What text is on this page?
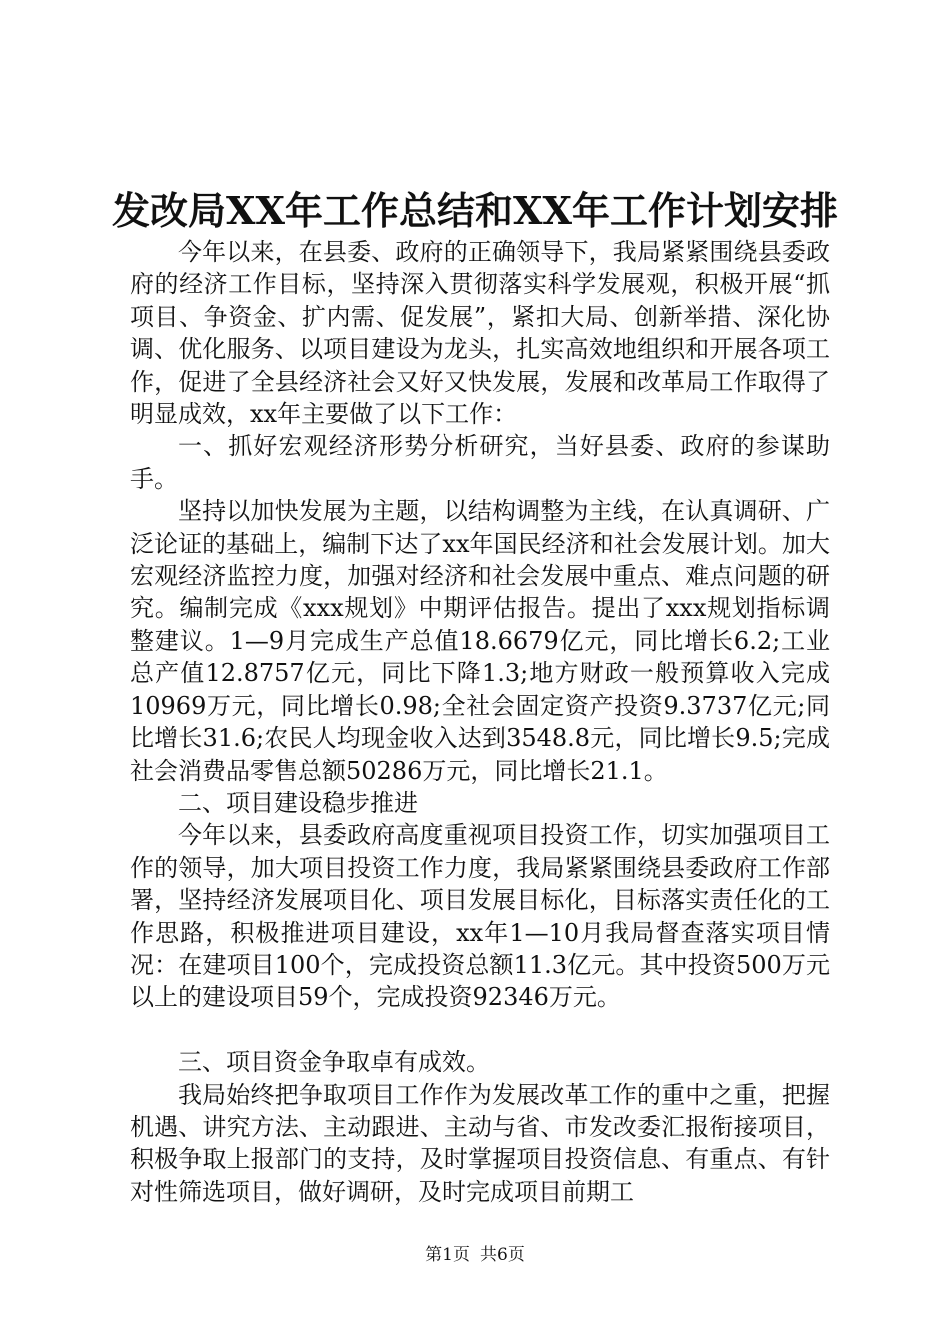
发改局XX年工作总结和XX年工作计划安排

今年以来，在县委、政府的正确领导下，我局紧紧围绕县委政府的经济工作目标，坚持深入贯彻落实科学发展观，积极开展“抓项目、争资金、扩内需、促发展”，紧扣大局、创新举措、深化协调、优化服务、以项目建设为龙头，扎实高效地组织和开展各项工作，促进了全县经济社会又好又快发展，发展和改革局工作取得了明显成效，xx年主要做了以下工作：

一、抓好宏观经济形势分析研究，当好县委、政府的参谋助手。

坚持以加快发展为主题，以结构调整为主线，在认真调研、广泛论证的基础上，编制下达了xx年国民经济和社会发展计划。加大宏观经济监控力度，加强对经济和社会发展中重点、难点问题的研究。编制完成《xxx规划》中期评估报告。提出了xxx规划指标调整建议。1—9月完成生产总值18.6679亿元，同比增长6.2;工业总产值12.8757亿元，同比下降1.3;地方财政一般预算收入完成10969万元，同比增长0.98;全社会固定资产投资9.3737亿元;同比增长31.6;农民人均现金收入达到3548.8元，同比增长9.5;完成社会消费品零售总额50286万元，同比增长21.1。

二、项目建设稳步推进

今年以来，县委政府高度重视项目投资工作，切实加强项目工作的领导，加大项目投资工作力度，我局紧紧围绕县委政府工作部署，坚持经济发展项目化、项目发展目标化，目标落实责任化的工作思路，积极推进项目建设，xx年1—10月我局督查落实项目情况：在建项目100个，完成投资总额11.3亿元。其中投资500万元以上的建设项目59个，完成投资92346万元。

三、项目资金争取卓有成效。

我局始终把争取项目工作作为发展改革工作的重中之重，把握机遇、讲究方法、主动跟进、主动与省、市发改委汇报衔接项目，积极争取上报部门的支持，及时掌握项目投资信息、有重点、有针对性筛选项目，做好调研，及时完成项目前期工

第1页 共6页
